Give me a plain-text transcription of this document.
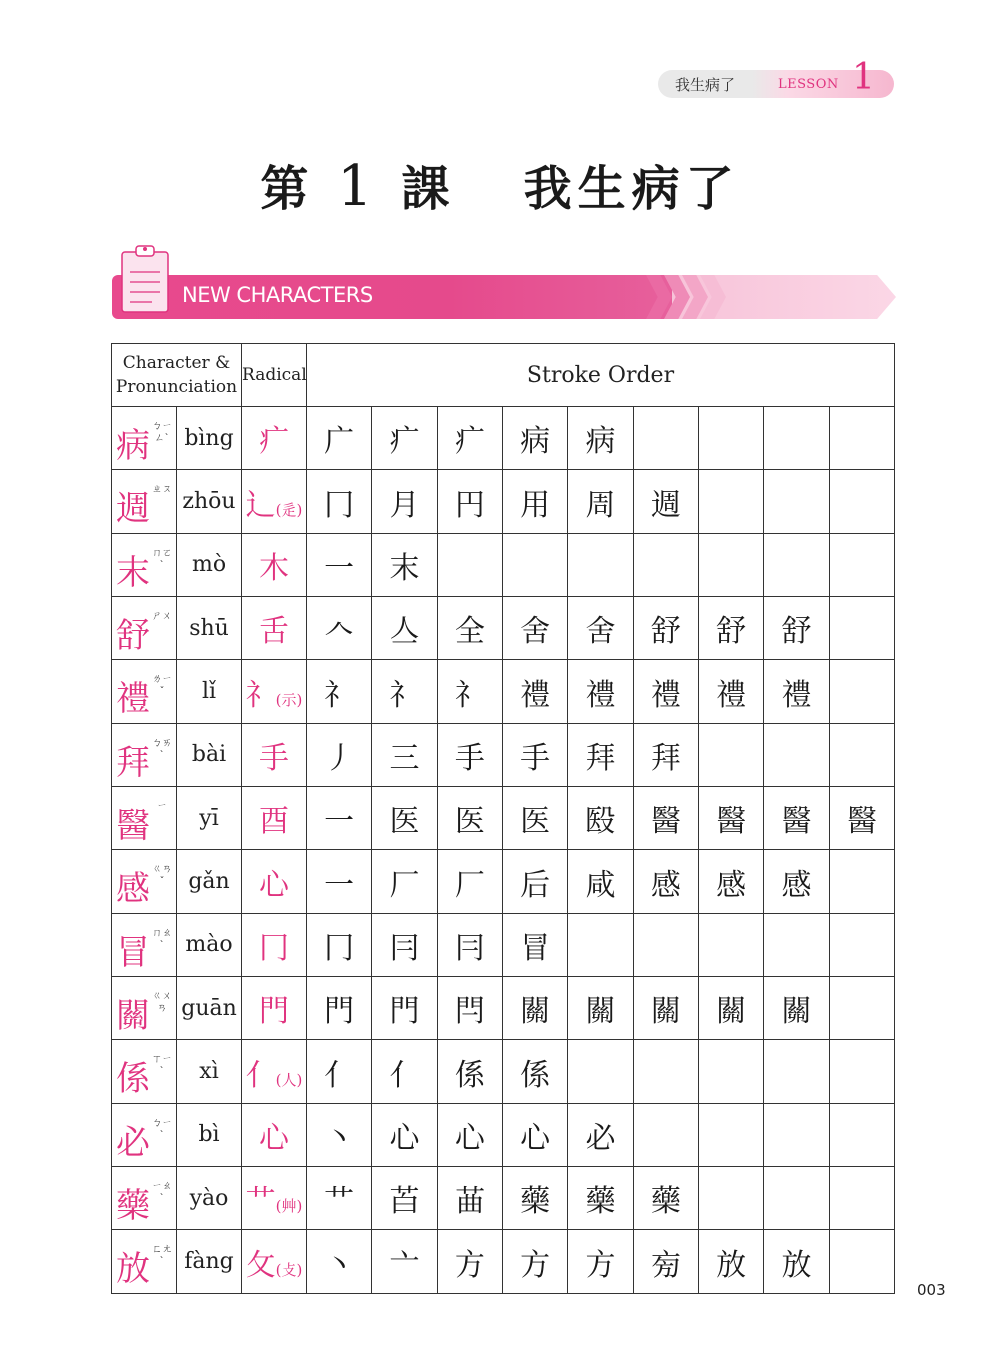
我生病了	LESSON 1
第 1 課 我生病了
NEW CHARACTERS
Character &
Pronunciation		Radical	Stroke Order								

病 ㄅㄧㄥˋ	bìng	疒	广	疒	疒	病	病				

週 ㄓㄡ	zhōu	辶(辵)	冂	月	円	用	周	週			

末 ㄇㄛˋ	mò	木	一	末							

舒 ㄕㄨ	shū	舌	𠆢	亼	全	舍	舍	舒	舒	舒	

禮 ㄌㄧˇ	lǐ	礻(示)	礻	礻	礻	禮	禮	禮	禮	禮	

拜 ㄅㄞˋ	bài	手	丿	三	手	手	拜	拜			

醫 ㄧ	yī	酉	一	医	医	医	殹	醫	醫	醫	醫

感 ㄍㄢˇ	gǎn	心	一	厂	厂	后	咸	感	感	感	

冒 ㄇㄠˋ	mào	冂	冂	冃	冃	冒					

關 ㄍㄨㄢ	guān	門	門	門	閂	關	關	關	關	關	

係 ㄒㄧˋ	xì	亻(人)	亻	亻	係	係					

必 ㄅㄧˋ	bì	心	丶	心	心	心	必				

藥 ㄧㄠˋ	yào	艹(艸)	艹	苩	䒼	藥	藥	藥			

放 ㄈㄤˋ	fàng	攵(攴)	丶	亠	方	方	方	㫄	放	放	
003
